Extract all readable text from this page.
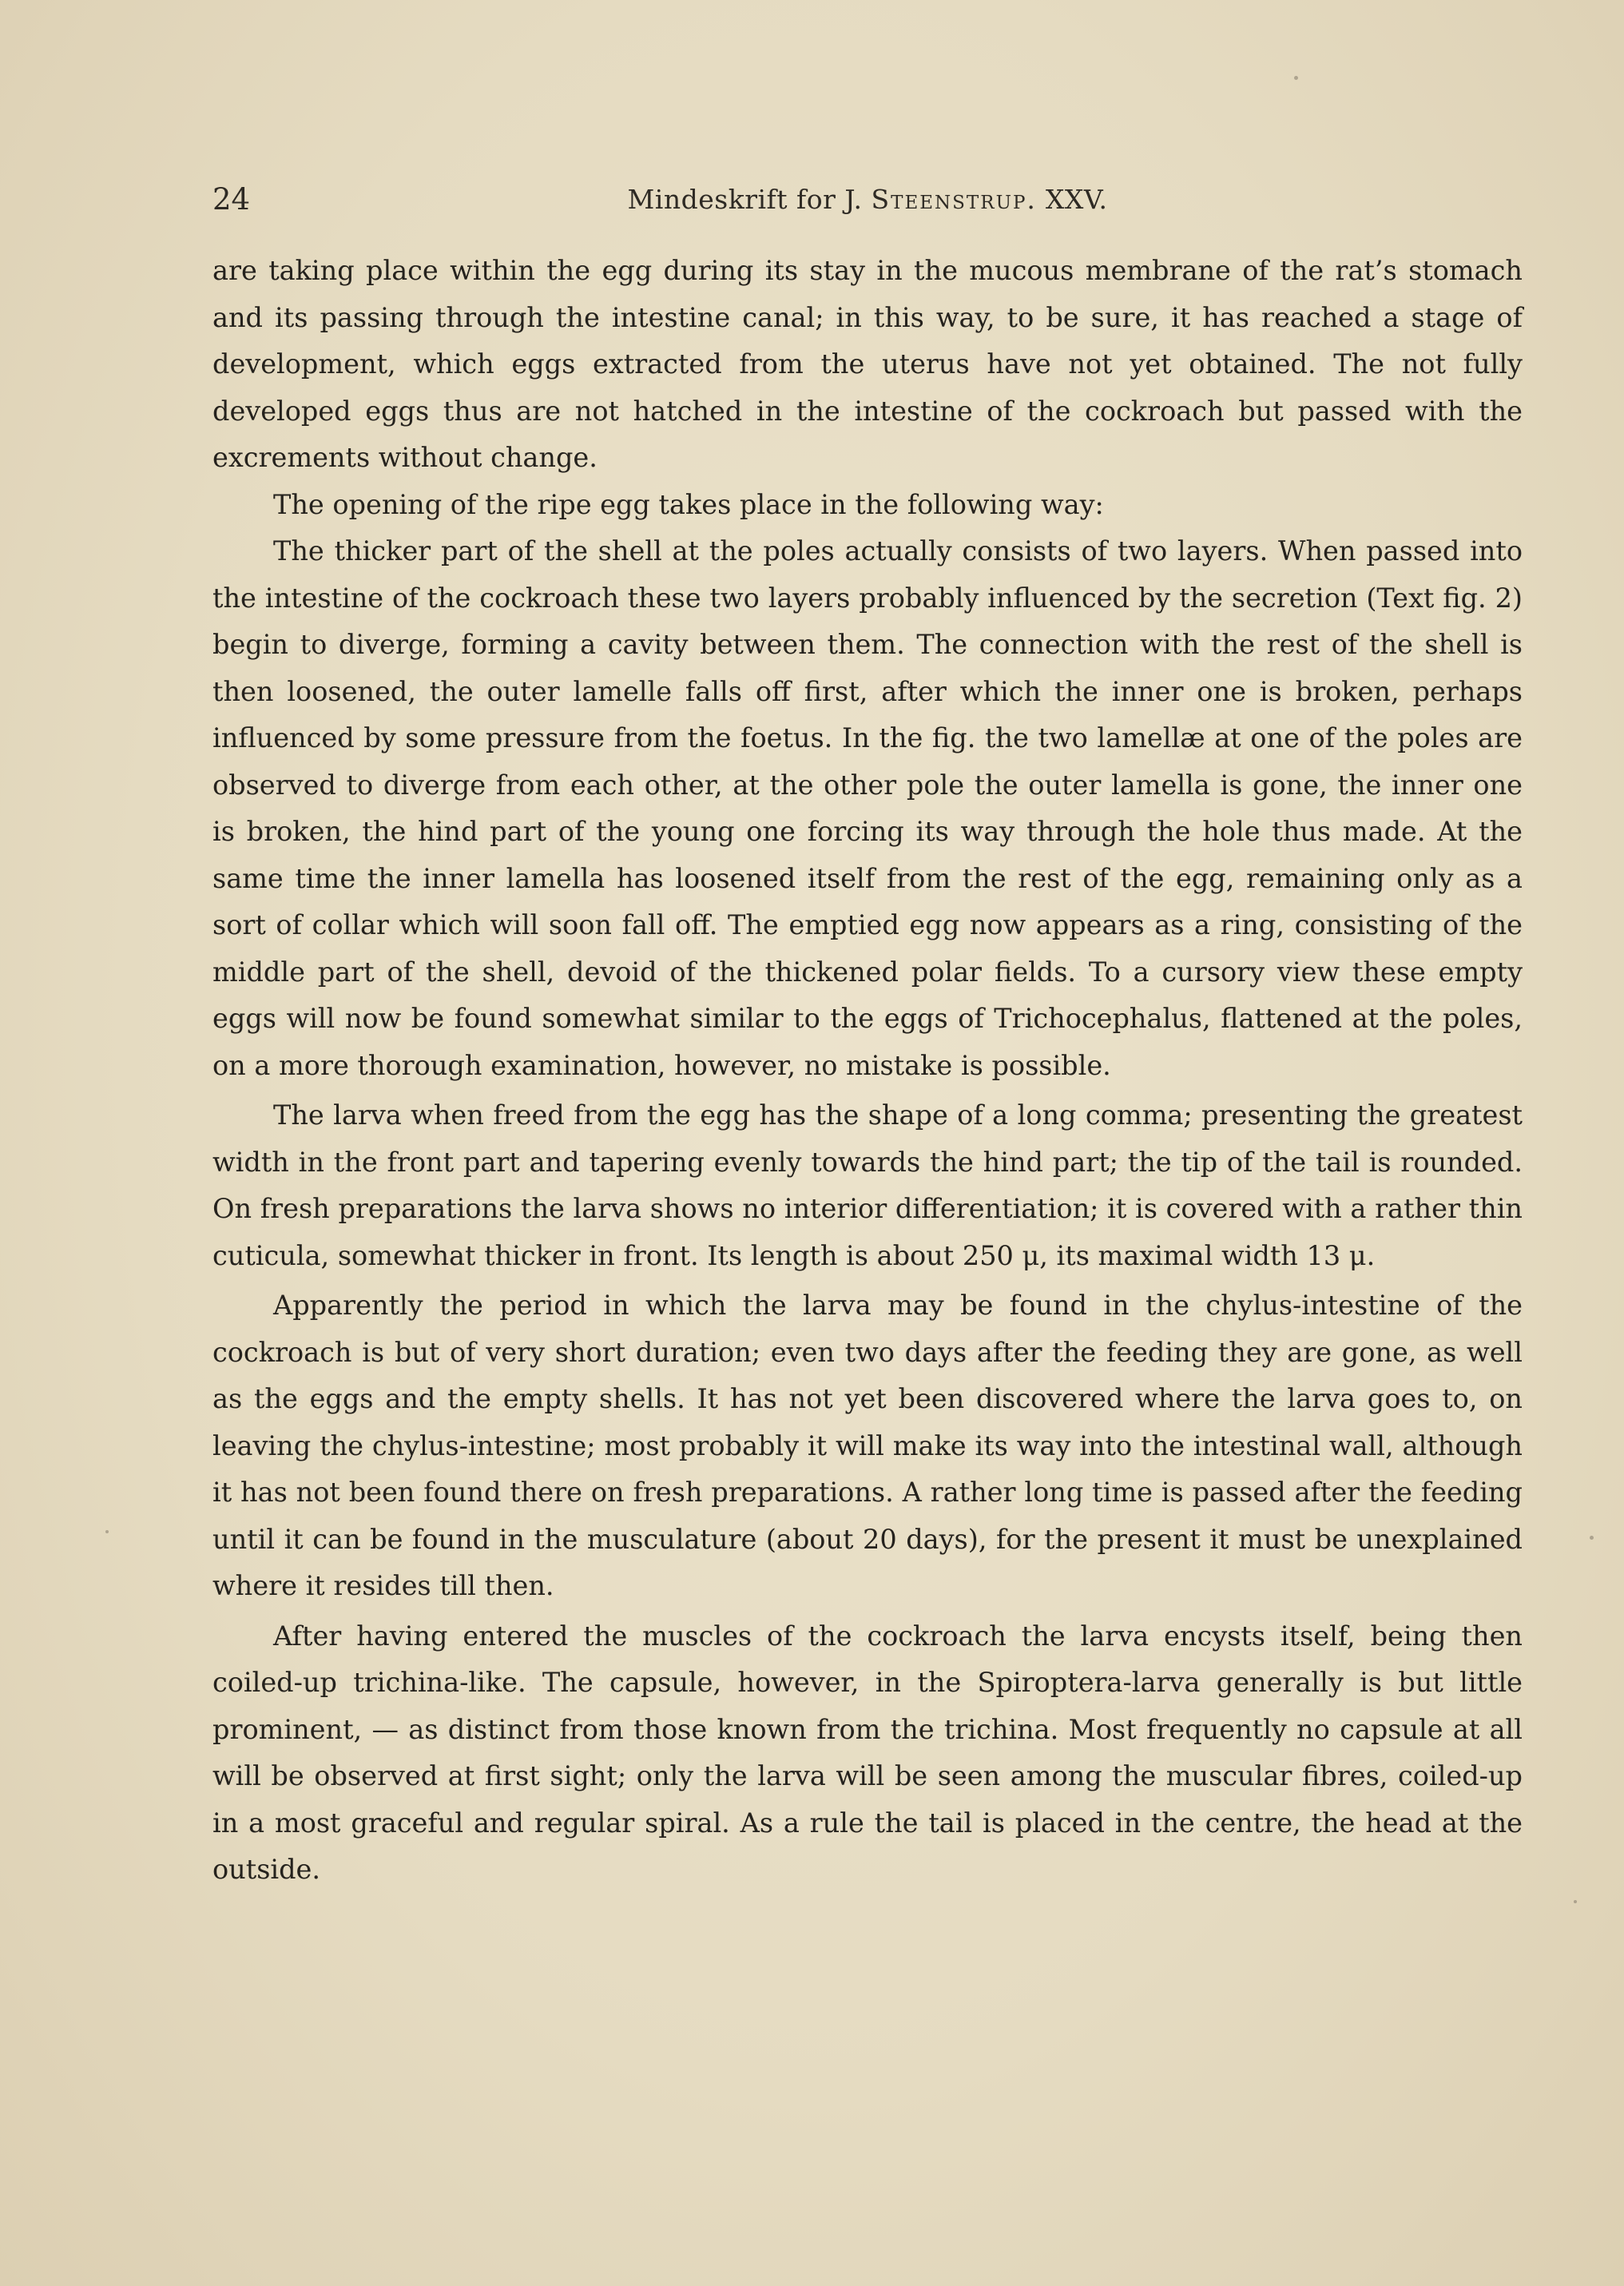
24	Mindeskrift for J. Steenstrup. XXV.

are taking place within the egg during its stay in the mucous membrane of the rat’s stomach and its passing through the intestine canal; in this way, to be sure, it has reached a stage of development, which eggs extracted from the uterus have not yet obtained. The not fully developed eggs thus are not hatched in the intestine of the cockroach but passed with the excrements without change.

The opening of the ripe egg takes place in the following way:

The thicker part of the shell at the poles actually consists of two layers. When passed into the intestine of the cockroach these two layers probably influenced by the secretion (Text fig. 2) begin to diverge, forming a cavity between them. The connection with the rest of the shell is then loosened, the outer lamelle falls off first, after which the inner one is broken, perhaps influenced by some pressure from the foetus. In the fig. the two lamellæ at one of the poles are observed to diverge from each other, at the other pole the outer lamella is gone, the inner one is broken, the hind part of the young one forcing its way through the hole thus made. At the same time the inner lamella has loosened itself from the rest of the egg, remaining only as a sort of collar which will soon fall off. The emptied egg now appears as a ring, consisting of the middle part of the shell, devoid of the thickened polar fields. To a cursory view these empty eggs will now be found somewhat similar to the eggs of Trichocephalus, flattened at the poles, on a more thorough examination, however, no mistake is possible.

The larva when freed from the egg has the shape of a long comma; presenting the greatest width in the front part and tapering evenly towards the hind part; the tip of the tail is rounded. On fresh preparations the larva shows no interior differentiation; it is covered with a rather thin cuticula, somewhat thicker in front. Its length is about 250 μ, its maximal width 13 μ.

Apparently the period in which the larva may be found in the chylus-intestine of the cockroach is but of very short duration; even two days after the feeding they are gone, as well as the eggs and the empty shells. It has not yet been discovered where the larva goes to, on leaving the chylus-intestine; most probably it will make its way into the intestinal wall, although it has not been found there on fresh preparations. A rather long time is passed after the feeding until it can be found in the musculature (about 20 days), for the present it must be unexplained where it resides till then.

After having entered the muscles of the cockroach the larva encysts itself, being then coiled-up trichina-like. The capsule, however, in the Spiroptera-larva generally is but little prominent, — as distinct from those known from the trichina. Most frequently no capsule at all will be observed at first sight; only the larva will be seen among the muscular fibres, coiled-up in a most graceful and regular spiral. As a rule the tail is placed in the centre, the head at the outside.
